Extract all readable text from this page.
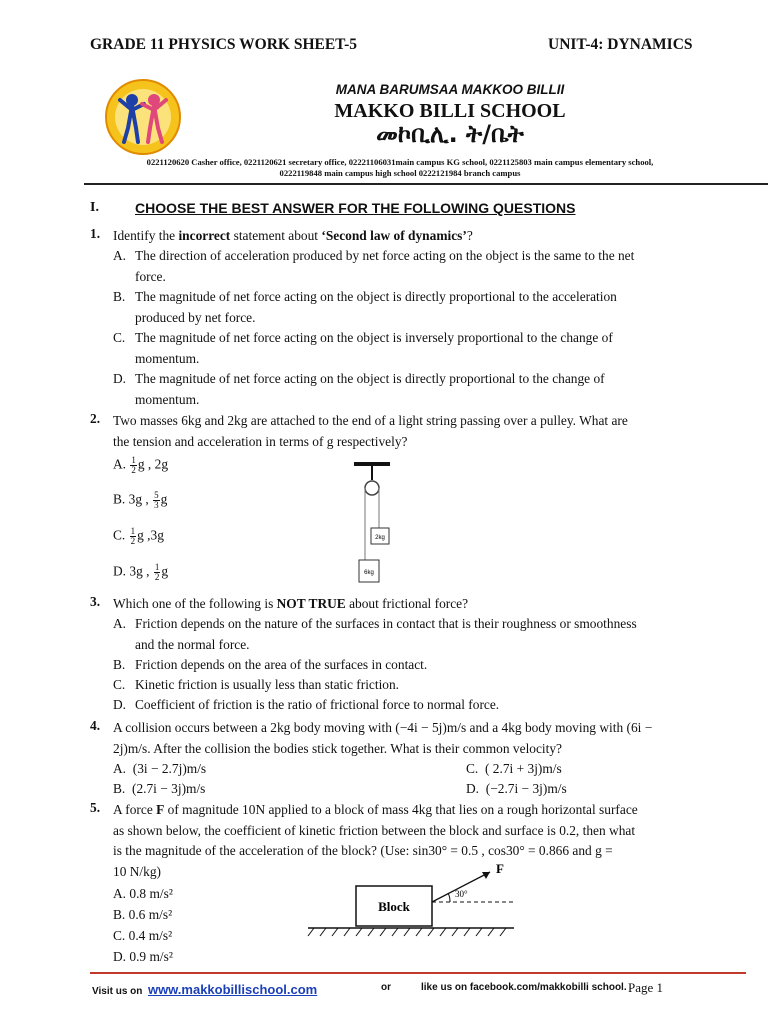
GRADE 11 PHYSICS WORK SHEET-5	UNIT-4: DYNAMICS
MANA BARUMSAA MAKKOO BILLII
MAKKO BILLI SCHOOL
መኮቢሊ. ት/ቤት
0221120620 Casher office, 0221120621 secretary office, 02221106031main campus KG school, 0221125803 main campus elementary school,
0222119848 main campus high school 0222121984 branch campus
I.	CHOOSE THE BEST ANSWER FOR THE FOLLOWING QUESTIONS
1. Identify the incorrect statement about ‘Second law of dynamics’?
A. The direction of acceleration produced by net force acting on the object is the same to the net
force.
B. The magnitude of net force acting on the object is directly proportional to the acceleration
produced by net force.
C. The magnitude of net force acting on the object is inversely proportional to the change of
momentum.
D. The magnitude of net force acting on the object is directly proportional to the change of
momentum.
2. Two masses 6kg and 2kg are attached to the end of a light string passing over a pulley. What are
the tension and acceleration in terms of g respectively?
A. $\frac{1}{2}$ g , 2g
B. 3g , $\frac{5}{3}$ g
C. $\frac{1}{2}$ g ,3g
D. 3g , $\frac{1}{2}$ g
2kg
6kg
3. Which one of the following is NOT TRUE about frictional force?
A. Friction depends on the nature of the surfaces in contact that is their roughness or smoothness
and the normal force.
B. Friction depends on the area of the surfaces in contact.
C. Kinetic friction is usually less than static friction.
D. Coefficient of friction is the ratio of frictional force to normal force.
4. A collision occurs between a 2kg body moving with (−4i − 5j)m/s and a 4kg body moving with (6i −
2j)m/s. After the collision the bodies stick together. What is their common velocity?
A. (3i − 2.7j)m/s
B. (2.7i − 3j)m/s
C. ( 2.7i + 3j)m/s
D. (−2.7i − 3j)m/s
5. A force F of magnitude 10N applied to a block of mass 4kg that lies on a rough horizontal surface
as shown below, the coefficient of kinetic friction between the block and surface is 0.2, then what
is the magnitude of the acceleration of the block? (Use: sin30° = 0.5 , cos30° = 0.866 and g =
10 N/kg)
A. 0.8 m/s²
B. 0.6 m/s²
C. 0.4 m/s²
D. 0.9 m/s²
Block
30°
F
Visit us on www.makkobillischool.com	or	like us on facebook.com/makkobilli school. Page 1
